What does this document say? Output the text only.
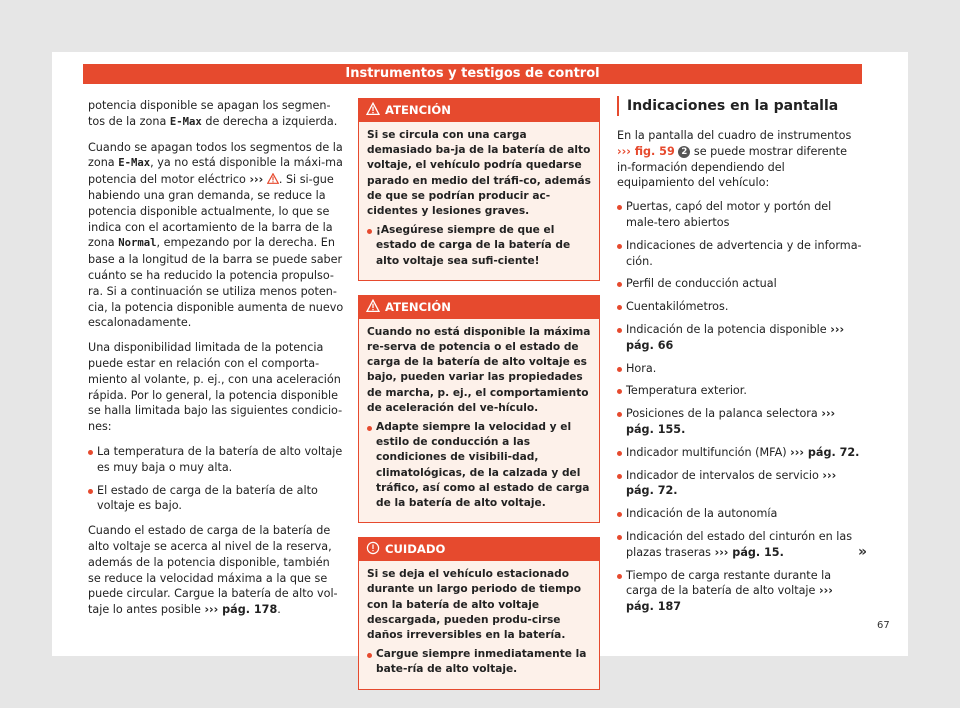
Instrumentos y testigos de control

potencia disponible se apagan los segmen-tos de la zona E-Max de derecha a izquierda.

Cuando se apagan todos los segmentos de la zona E-Max, ya no está disponible la máxi-ma potencia del motor eléctrico ››› . Si si-gue habiendo una gran demanda, se reduce la potencia disponible actualmente, lo que se indica con el acortamiento de la barra de la zona Normal, empezando por la derecha. En base a la longitud de la barra se puede saber cuánto se ha reducido la potencia propulso-ra. Si a continuación se utiliza menos poten-cia, la potencia disponible aumenta de nuevo escalonadamente.

Una disponibilidad limitada de la potencia puede estar en relación con el comporta-miento al volante, p. ej., con una aceleración rápida. Por lo general, la potencia disponible se halla limitada bajo las siguientes condicio-nes:

La temperatura de la batería de alto voltaje es muy baja o muy alta.
El estado de carga de la batería de alto voltaje es bajo.

Cuando el estado de carga de la batería de alto voltaje se acerca al nivel de la reserva, además de la potencia disponible, también se reduce la velocidad máxima a la que se puede circular. Cargue la batería de alto vol-taje lo antes posible ››› pág. 178.

ATENCIÓN

Si se circula con una carga demasiado ba-ja de la batería de alto voltaje, el vehículo podría quedarse parado en medio del tráfi-co, además de que se podrían producir ac-cidentes y lesiones graves.

¡Asegúrese siempre de que el estado de carga de la batería de alto voltaje sea sufi-ciente!
ATENCIÓN

Cuando no está disponible la máxima re-serva de potencia o el estado de carga de la batería de alto voltaje es bajo, pueden variar las propiedades de marcha, p. ej., el comportamiento de aceleración del ve-hículo.

Adapte siempre la velocidad y el estilo de conducción a las condiciones de visibili-dad, climatológicas, de la calzada y del tráfico, así como al estado de carga de la batería de alto voltaje.
CUIDADO

Si se deja el vehículo estacionado durante un largo periodo de tiempo con la batería de alto voltaje descargada, pueden produ-cirse daños irreversibles en la batería.

Cargue siempre inmediatamente la bate-ría de alto voltaje.
Indicaciones en la pantalla

En la pantalla del cuadro de instrumentos ››› fig. 59 2 se puede mostrar diferente in-formación dependiendo del equipamiento del vehículo:

Puertas, capó del motor y portón del male-tero abiertos
Indicaciones de advertencia y de informa-ción.
Perfil de conducción actual
Cuentakilómetros.
Indicación de la potencia disponible ››› pág. 66
Hora.
Temperatura exterior.
Posiciones de la palanca selectora ››› pág. 155.
Indicador multifunción (MFA) ››› pág. 72.
Indicador de intervalos de servicio ››› pág. 72.
Indicación de la autonomía
Indicación del estado del cinturón en las plazas traseras ››› pág. 15.
Tiempo de carga restante durante la carga de la batería de alto voltaje ››› pág. 187
»
67
